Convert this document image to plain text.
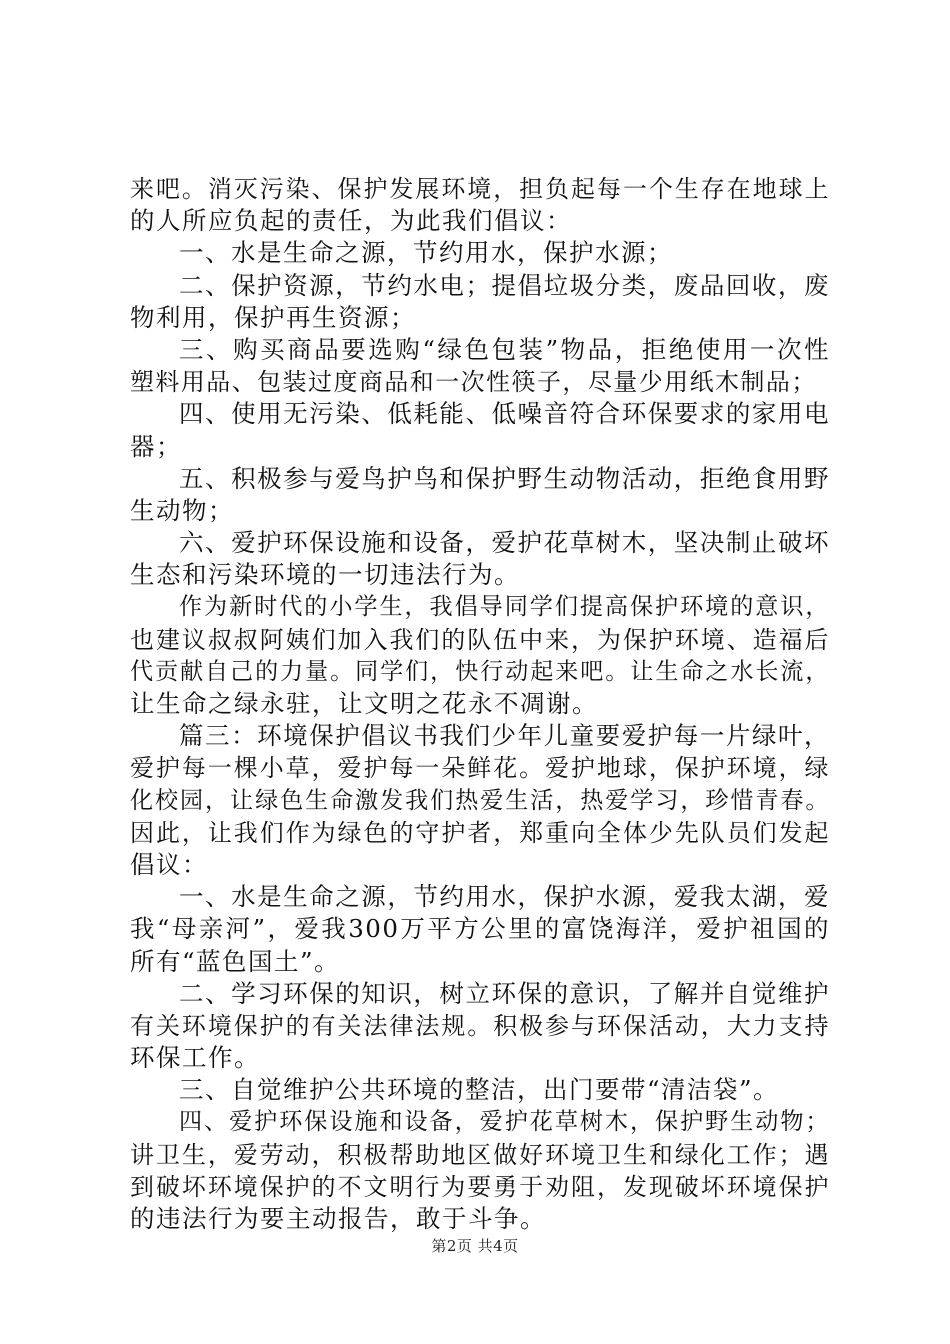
来吧。消灭污染、保护发展环境，担负起每一个生存在地球上
的人所应负起的责任，为此我们倡议：
一、水是生命之源，节约用水，保护水源；
二、保护资源，节约水电；提倡垃圾分类，废品回收，废
物利用，保护再生资源；
三、购买商品要选购“绿色包装”物品，拒绝使用一次性
塑料用品、包装过度商品和一次性筷子，尽量少用纸木制品；
四、使用无污染、低耗能、低噪音符合环保要求的家用电
器；
五、积极参与爱鸟护鸟和保护野生动物活动，拒绝食用野
生动物；
六、爱护环保设施和设备，爱护花草树木，坚决制止破坏
生态和污染环境的一切违法行为。
作为新时代的小学生，我倡导同学们提高保护环境的意识，
也建议叔叔阿姨们加入我们的队伍中来，为保护环境、造福后
代贡献自己的力量。同学们，快行动起来吧。让生命之水长流，
让生命之绿永驻，让文明之花永不凋谢。
篇三：环境保护倡议书我们少年儿童要爱护每一片绿叶，
爱护每一棵小草，爱护每一朵鲜花。爱护地球，保护环境，绿
化校园，让绿色生命激发我们热爱生活，热爱学习，珍惜青春。
因此，让我们作为绿色的守护者，郑重向全体少先队员们发起
倡议：
一、水是生命之源，节约用水，保护水源，爱我太湖，爱
我“母亲河”，爱我300万平方公里的富饶海洋，爱护祖国的
所有“蓝色国土”。
二、学习环保的知识，树立环保的意识，了解并自觉维护
有关环境保护的有关法律法规。积极参与环保活动，大力支持
环保工作。
三、自觉维护公共环境的整洁，出门要带“清洁袋”。
四、爱护环保设施和设备，爱护花草树木，保护野生动物；
讲卫生，爱劳动，积极帮助地区做好环境卫生和绿化工作；遇
到破坏环境保护的不文明行为要勇于劝阻，发现破坏环境保护
的违法行为要主动报告，敢于斗争。
第2页 共4页
